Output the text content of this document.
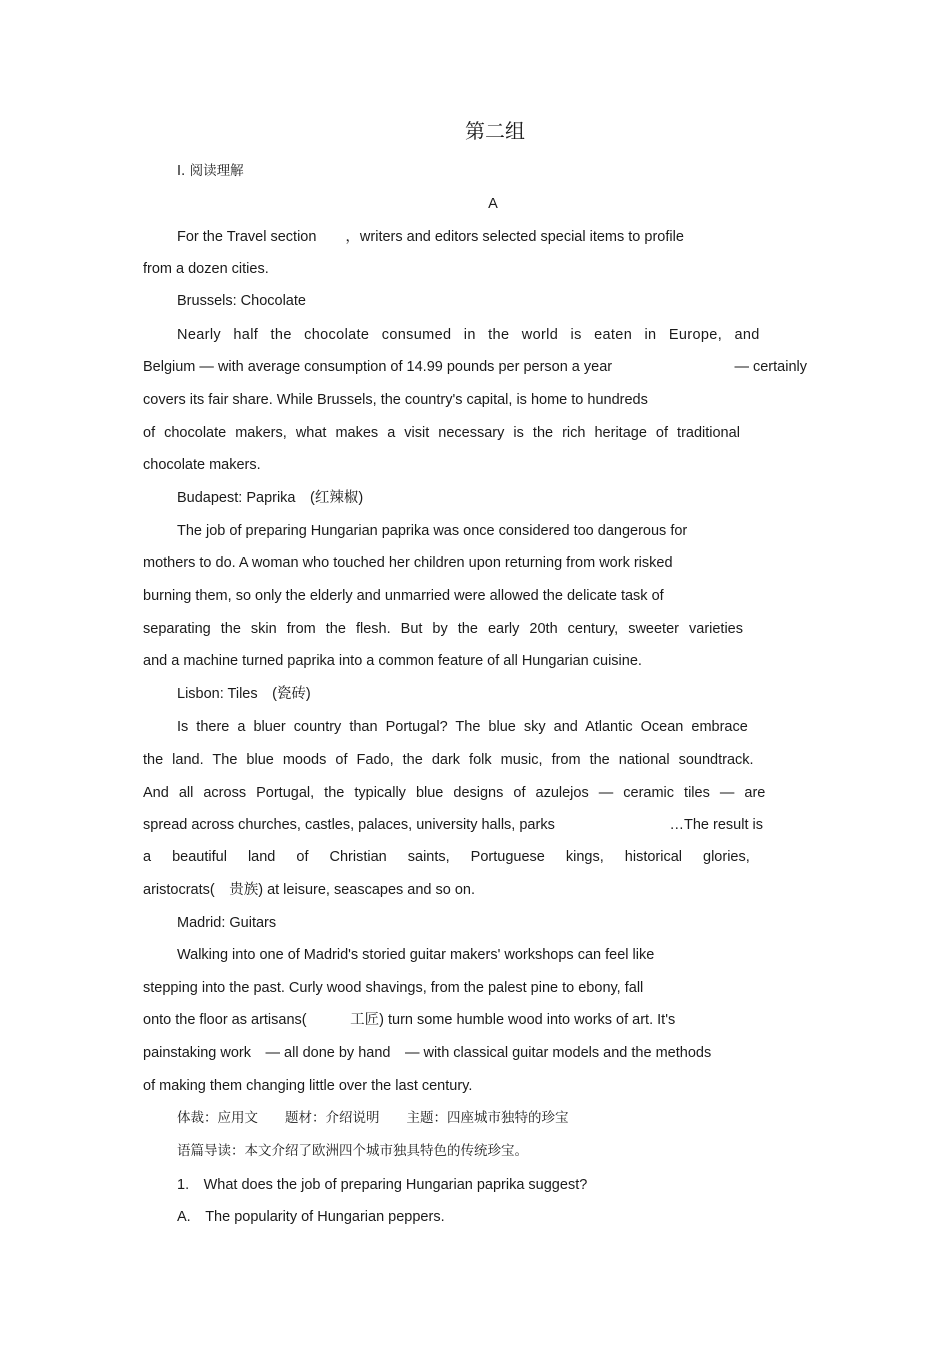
第二组
Ⅰ. 阅读理解
A
For the Travel section　　，writers and editors selected special items to profile
from a dozen cities.
Brussels: Chocolate
Nearly half the chocolate consumed in the world is eaten in Europe, and
Belgium — with average consumption of 14.99 pounds per person a year	— certainly
covers its fair share. While Brussels, the country's capital, is home to hundreds
of chocolate makers, what makes a visit necessary is the rich heritage of traditional
chocolate makers.
Budapest: Paprika　(红辣椒)
The job of preparing Hungarian paprika was once considered too dangerous for
mothers to do. A woman who touched her children upon returning from work risked
burning them, so only the elderly and unmarried were allowed the delicate task of
separating the skin from the flesh. But by the early 20th century, sweeter varieties
and a machine turned paprika into a common feature of all Hungarian cuisine.
Lisbon: Tiles　(瓷砖)
Is there a bluer country than Portugal? The blue sky and Atlantic Ocean embrace
the land. The blue moods of Fado, the dark folk music, from the national soundtrack.
And all across Portugal, the typically blue designs of azulejos — ceramic tiles — are
spread across churches, castles, palaces, university halls, parks	…The result is
a beautiful land of Christian saints, Portuguese kings, historical glories,
aristocrats(　贵族) at leisure, seascapes and so on.
Madrid: Guitars
Walking into one of Madrid's storied guitar makers' workshops can feel like
stepping into the past. Curly wood shavings, from the palest pine to ebony, fall
onto the floor as artisans(　　　工匠) turn some humble wood into works of art. It's
painstaking work　— all done by hand　— with classical guitar models and the methods
of making them changing little over the last century.
体裁：应用文　　题材：介绍说明　　主题：四座城市独特的珍宝
语篇导读：本文介绍了欧洲四个城市独具特色的传统珍宝。
1.　What does the job of preparing Hungarian paprika suggest?
A.　The popularity of Hungarian peppers.
